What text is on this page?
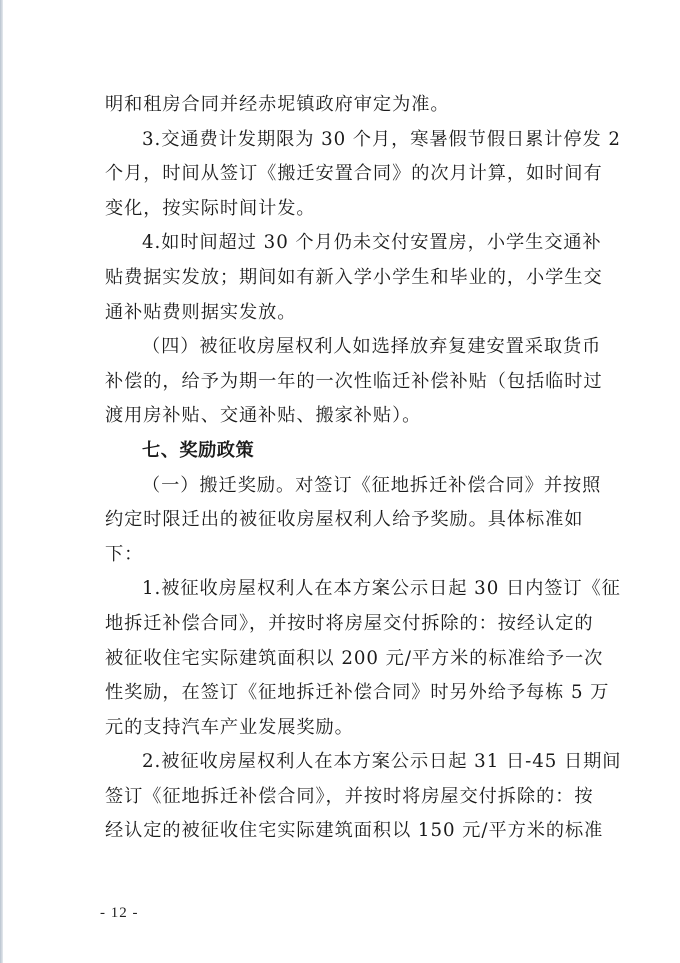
明和租房合同并经赤坭镇政府审定为准。
3.交通费计发期限为 30 个月，寒暑假节假日累计停发 2
个月，时间从签订《搬迁安置合同》的次月计算，如时间有
变化，按实际时间计发。
4.如时间超过 30 个月仍未交付安置房，小学生交通补
贴费据实发放；期间如有新入学小学生和毕业的，小学生交
通补贴费则据实发放。
（四）被征收房屋权利人如选择放弃复建安置采取货币
补偿的，给予为期一年的一次性临迁补偿补贴（包括临时过
渡用房补贴、交通补贴、搬家补贴）。
七、奖励政策
（一）搬迁奖励。对签订《征地拆迁补偿合同》并按照
约定时限迁出的被征收房屋权利人给予奖励。具体标准如
下：
1.被征收房屋权利人在本方案公示日起 30 日内签订《征
地拆迁补偿合同》，并按时将房屋交付拆除的：按经认定的
被征收住宅实际建筑面积以 200 元/平方米的标准给予一次
性奖励，在签订《征地拆迁补偿合同》时另外给予每栋 5 万
元的支持汽车产业发展奖励。
2.被征收房屋权利人在本方案公示日起 31 日-45 日期间
签订《征地拆迁补偿合同》，并按时将房屋交付拆除的：按
经认定的被征收住宅实际建筑面积以 150 元/平方米的标准
- 12 -
